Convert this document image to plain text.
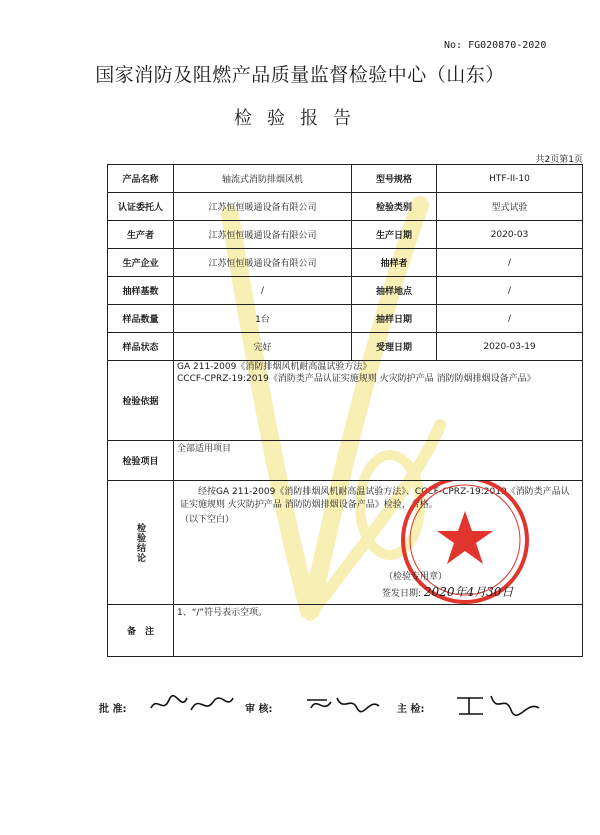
No: FG020870-2020
国家消防及阻燃产品质量监督检验中心（山东）
检验报告
共2页第1页
产品名称	轴流式消防排烟风机	型号规格	HTF-II-10
认证委托人	江苏恒恒暖通设备有限公司	检验类别	型式试验
生产者	江苏恒恒暖通设备有限公司	生产日期	2020-03
生产企业	江苏恒恒暖通设备有限公司	抽样者	/
抽样基数	/	抽样地点	/
样品数量	1台	抽样日期	/
样品状态	完好	受理日期	2020-03-19
检验依据	GA 211-2009《消防排烟风机耐高温试验方法》
CCCF-CPRZ-19:2019《消防类产品认证实施规则 火灾防护产品 消防防烟排烟设备产品》		

检验项目	全部适用项目		

检验结论	经按GA 211-2009《消防排烟风机耐高温试验方法》、CCCF-CPRZ-19:2019《消防类产品认证实施规则 火灾防护产品 消防防烟排烟设备产品》检验，合格。
（以下空白）
（检验专用章）
签发日期: 2020年4月30日		

备　注	1、“/”符号表示空项。		
批 准:	审 核:	主 检:
